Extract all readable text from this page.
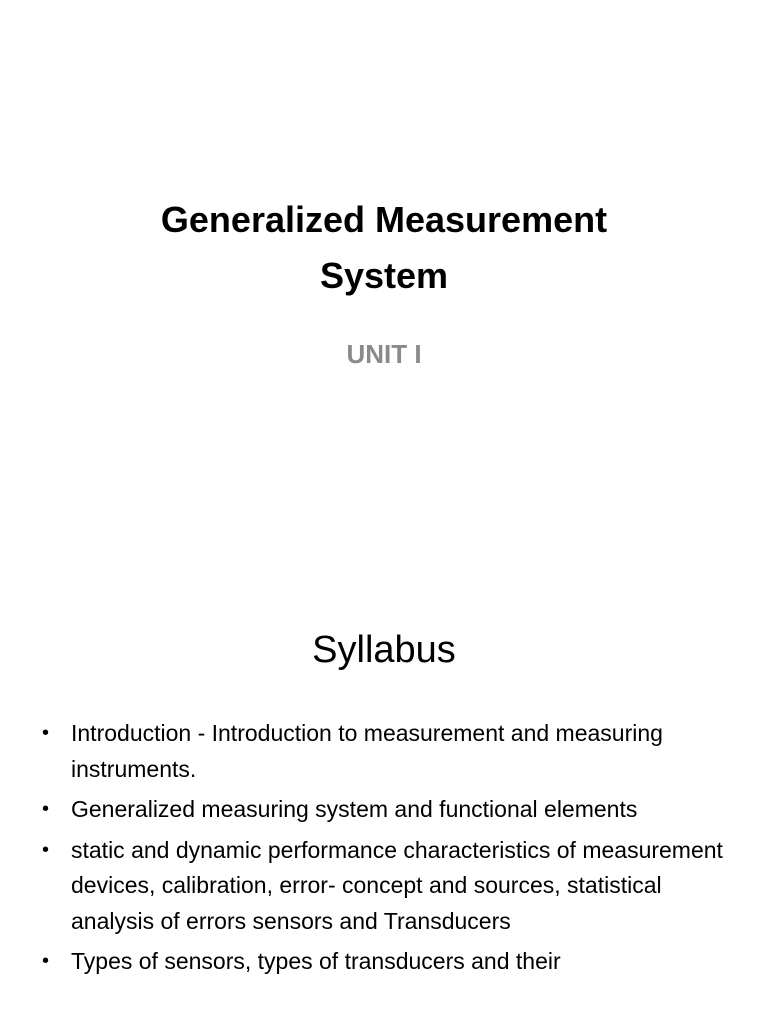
Generalized Measurement
System
UNIT I
Syllabus
• Introduction - Introduction to measurement and measuring instruments.
• Generalized measuring system and functional elements
• static and dynamic performance characteristics of measurement devices, calibration, error- concept and sources, statistical analysis of errors sensors and Transducers
• Types of sensors, types of transducers and their
